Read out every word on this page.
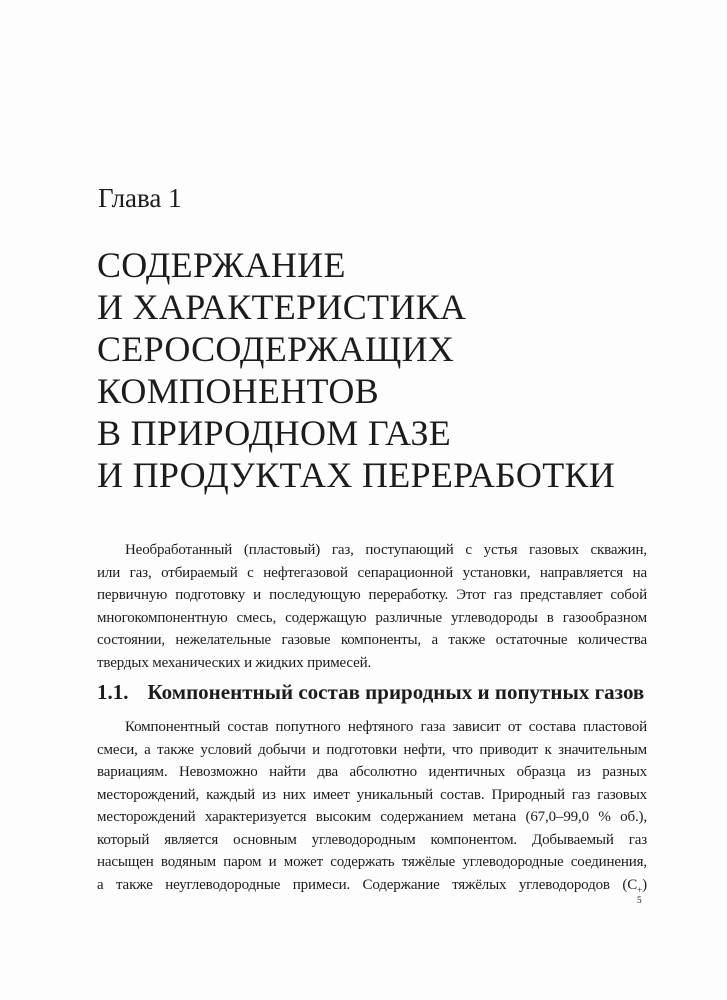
Глава 1
СОДЕРЖАНИЕ
И ХАРАКТЕРИСТИКА
СЕРОСОДЕРЖАЩИХ
КОМПОНЕНТОВ
В ПРИРОДНОМ ГАЗЕ
И ПРОДУКТАХ ПЕРЕРАБОТКИ
Необработанный (пластовый) газ, поступающий с устья газовых скважин,
или газ, отбираемый с нефтегазовой сепарационной установки, направляется на
первичную подготовку и последующую переработку. Этот газ представляет собой
многокомпонентную смесь, содержащую различные углеводороды в газообразном
состоянии, нежелательные газовые компоненты, а также остаточные количества
твердых механических и жидких примесей.
1.1. Компонентный состав природных и попутных газов
Компонентный состав попутного нефтяного газа зависит от состава пластовой
смеси, а также условий добычи и подготовки нефти, что приводит к значительным
вариациям. Невозможно найти два абсолютно идентичных образца из разных
месторождений, каждый из них имеет уникальный состав. Природный газ газовых
месторождений характеризуется высоким содержанием метана (67,0–99,0 % об.),
который является основным углеводородным компонентом. Добываемый газ
насыщен водяным паром и может содержать тяжёлые углеводородные соединения,
а также неуглеводородные примеси. Содержание тяжёлых углеводородов (C +
5
)
